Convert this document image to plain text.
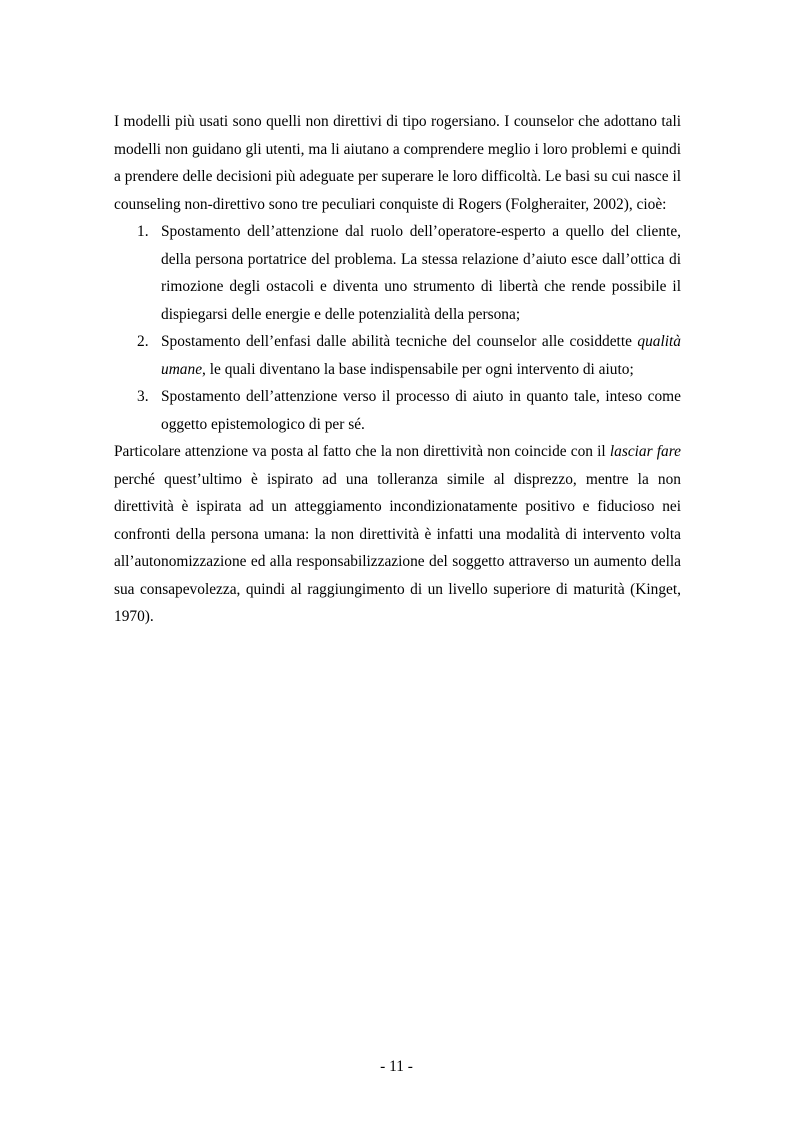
I modelli più usati sono quelli non direttivi di tipo rogersiano. I counselor che adottano tali modelli non guidano gli utenti, ma li aiutano a comprendere meglio i loro problemi e quindi a prendere delle decisioni più adeguate per superare le loro difficoltà. Le basi su cui nasce il counseling non-direttivo sono tre peculiari conquiste di Rogers (Folgheraiter, 2002), cioè:

1. Spostamento dell’attenzione dal ruolo dell’operatore-esperto a quello del cliente, della persona portatrice del problema. La stessa relazione d’aiuto esce dall’ottica di rimozione degli ostacoli e diventa uno strumento di libertà che rende possibile il dispiegarsi delle energie e delle potenzialità della persona;
2. Spostamento dell’enfasi dalle abilità tecniche del counselor alle cosiddette qualità umane, le quali diventano la base indispensabile per ogni intervento di aiuto;
3. Spostamento dell’attenzione verso il processo di aiuto in quanto tale, inteso come oggetto epistemologico di per sé.

Particolare attenzione va posta al fatto che la non direttività non coincide con il lasciar fare perché quest’ultimo è ispirato ad una tolleranza simile al disprezzo, mentre la non direttività è ispirata ad un atteggiamento incondizionatamente positivo e fiducioso nei confronti della persona umana: la non direttività è infatti una modalità di intervento volta all’autonomizzazione ed alla responsabilizzazione del soggetto attraverso un aumento della sua consapevolezza, quindi al raggiungimento di un livello superiore di maturità (Kinget, 1970).

- 11 -
